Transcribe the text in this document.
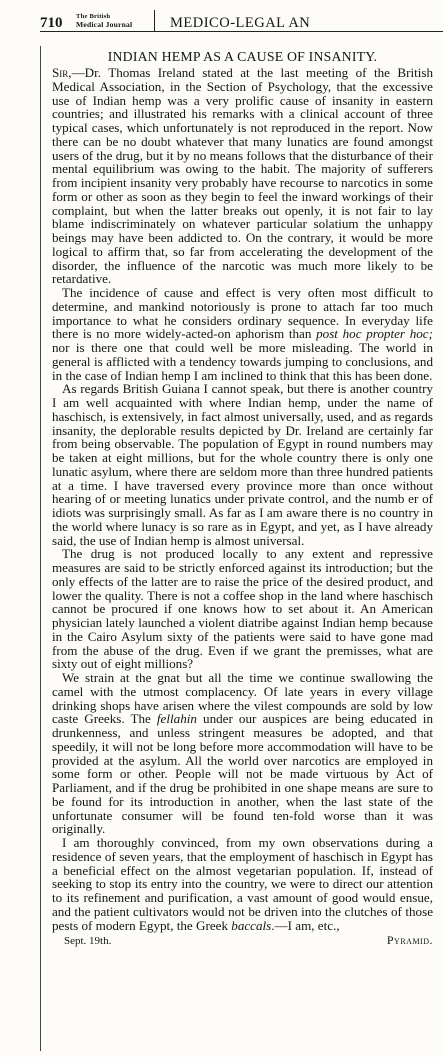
710 The British
Medical Journal	MEDICO-LEGAL AN
INDIAN HEMP AS A CAUSE OF INSANITY.

Sir,—Dr. Thomas Ireland stated at the last meeting of the British Medical Association, in the Section of Psychology, that the excessive use of Indian hemp was a very prolific cause of insanity in eastern countries; and illustrated his remarks with a clinical account of three typical cases, which unfortunately is not reproduced in the report. Now there can be no doubt whatever that many lunatics are found amongst users of the drug, but it by no means follows that the disturbance of their mental equilibrium was owing to the habit. The majority of sufferers from incipient insanity very probably have recourse to narcotics in some form or other as soon as they begin to feel the inward workings of their complaint, but when the latter breaks out openly, it is not fair to lay blame indiscriminately on whatever particular solatium the unhappy beings may have been addicted to. On the contrary, it would be more logical to affirm that, so far from accelerating the development of the disorder, the influence of the narcotic was much more likely to be retardative.

The incidence of cause and effect is very often most difficult to determine, and mankind notoriously is prone to attach far too much importance to what he considers ordinary sequence. In everyday life there is no more widely-acted-on aphorism than post hoc propter hoc; nor is there one that could well be more misleading. The world in general is afflicted with a tendency towards jumping to conclusions, and in the case of Indian hemp I am inclined to think that this has been done.

As regards British Guiana I cannot speak, but there is another country I am well acquainted with where Indian hemp, under the name of haschisch, is extensively, in fact almost universally, used, and as regards insanity, the deplorable results depicted by Dr. Ireland are certainly far from being observable. The population of Egypt in round numbers may be taken at eight millions, but for the whole country there is only one lunatic asylum, where there are seldom more than three hundred patients at a time. I have traversed every province more than once without hearing of or meeting lunatics under private control, and the numb er of idiots was surprisingly small. As far as I am aware there is no country in the world where lunacy is so rare as in Egypt, and yet, as I have already said, the use of Indian hemp is almost universal.

The drug is not produced locally to any extent and repressive measures are said to be strictly enforced against its introduction; but the only effects of the latter are to raise the price of the desired product, and lower the quality. There is not a coffee shop in the land where haschisch cannot be procured if one knows how to set about it. An American physician lately launched a violent diatribe against Indian hemp because in the Cairo Asylum sixty of the patients were said to have gone mad from the abuse of the drug. Even if we grant the premisses, what are sixty out of eight millions?

We strain at the gnat but all the time we continue swallowing the camel with the utmost complacency. Of late years in every village drinking shops have arisen where the vilest compounds are sold by low caste Greeks. The fellahin under our auspices are being educated in drunkenness, and unless stringent measures be adopted, and that speedily, it will not be long before more accommodation will have to be provided at the asylum. All the world over narcotics are employed in some form or other. People will not be made virtuous by Act of Parliament, and if the drug be prohibited in one shape means are sure to be found for its introduction in another, when the last state of the unfortunate consumer will be found ten-fold worse than it was originally.

I am thoroughly convinced, from my own observations during a residence of seven years, that the employment of haschisch in Egypt has a beneficial effect on the almost vegetarian population. If, instead of seeking to stop its entry into the country, we were to direct our attention to its refinement and purification, a vast amount of good would ensue, and the patient cultivators would not be driven into the clutches of those pests of modern Egypt, the Greek baccals.—I am, etc.,

Sept. 19th.	Pyramid.
